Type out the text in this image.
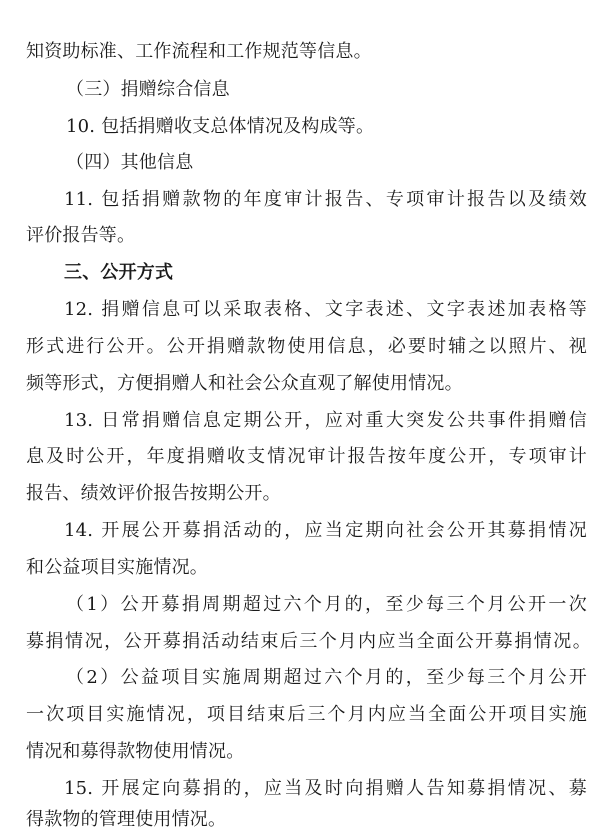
知资助标准、工作流程和工作规范等信息。
（三）捐赠综合信息
10. 包括捐赠收支总体情况及构成等。
（四）其他信息
11. 包括捐赠款物的年度审计报告、专项审计报告以及绩效
评价报告等。
三、公开方式
12. 捐赠信息可以采取表格、文字表述、文字表述加表格等
形式进行公开。公开捐赠款物使用信息，必要时辅之以照片、视
频等形式，方便捐赠人和社会公众直观了解使用情况。
13. 日常捐赠信息定期公开，应对重大突发公共事件捐赠信
息及时公开，年度捐赠收支情况审计报告按年度公开，专项审计
报告、绩效评价报告按期公开。
14. 开展公开募捐活动的，应当定期向社会公开其募捐情况
和公益项目实施情况。
（1）公开募捐周期超过六个月的，至少每三个月公开一次
募捐情况，公开募捐活动结束后三个月内应当全面公开募捐情况。
（2）公益项目实施周期超过六个月的，至少每三个月公开
一次项目实施情况，项目结束后三个月内应当全面公开项目实施
情况和募得款物使用情况。
15. 开展定向募捐的，应当及时向捐赠人告知募捐情况、募
得款物的管理使用情况。
